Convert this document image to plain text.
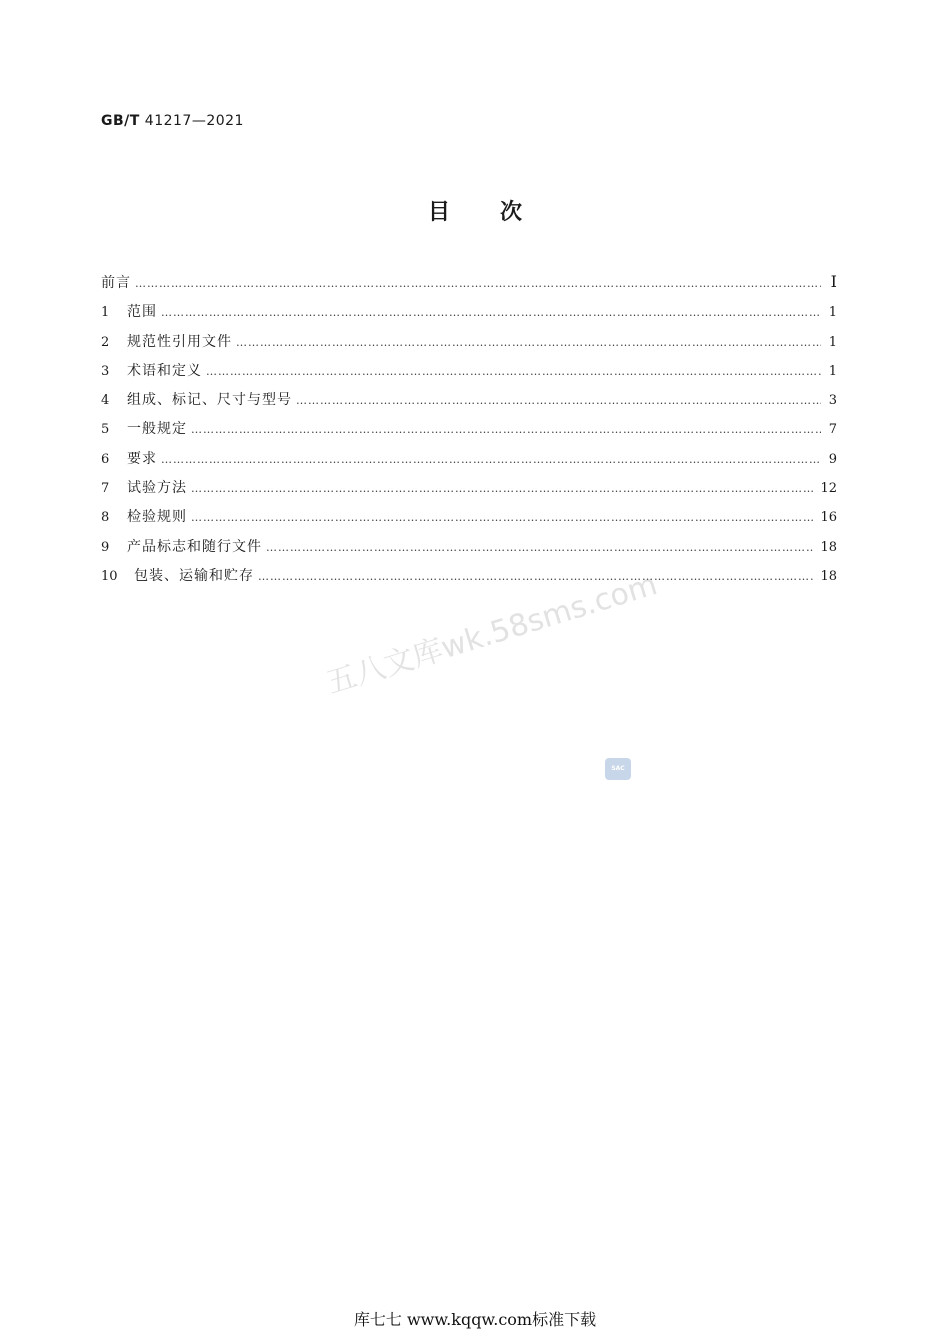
GB/T 41217—2021
目次
前言 ………………………………………………………………………………………………………………………………………………………………………………………………………………	Ⅰ
1	范围 ………………………………………………………………………………………………………………………………………………………………………………………………………………	1
2	规范性引用文件 ………………………………………………………………………………………………………………………………………………………………………………………………………………	1
3	术语和定义 ………………………………………………………………………………………………………………………………………………………………………………………………………………	1
4	组成、标记、尺寸与型号 ………………………………………………………………………………………………………………………………………………………………………………………………………………	3
5	一般规定 ………………………………………………………………………………………………………………………………………………………………………………………………………………	7
6	要求 ………………………………………………………………………………………………………………………………………………………………………………………………………………	9
7	试验方法 ………………………………………………………………………………………………………………………………………………………………………………………………………………	12
8	检验规则 ………………………………………………………………………………………………………………………………………………………………………………………………………………	16
9	产品标志和随行文件 ………………………………………………………………………………………………………………………………………………………………………………………………………………	18
10	包装、运输和贮存 ………………………………………………………………………………………………………………………………………………………………………………………………………………	18
五八文库wk.58sms.com
SAC
库七七 www.kqqw.com标准下载
